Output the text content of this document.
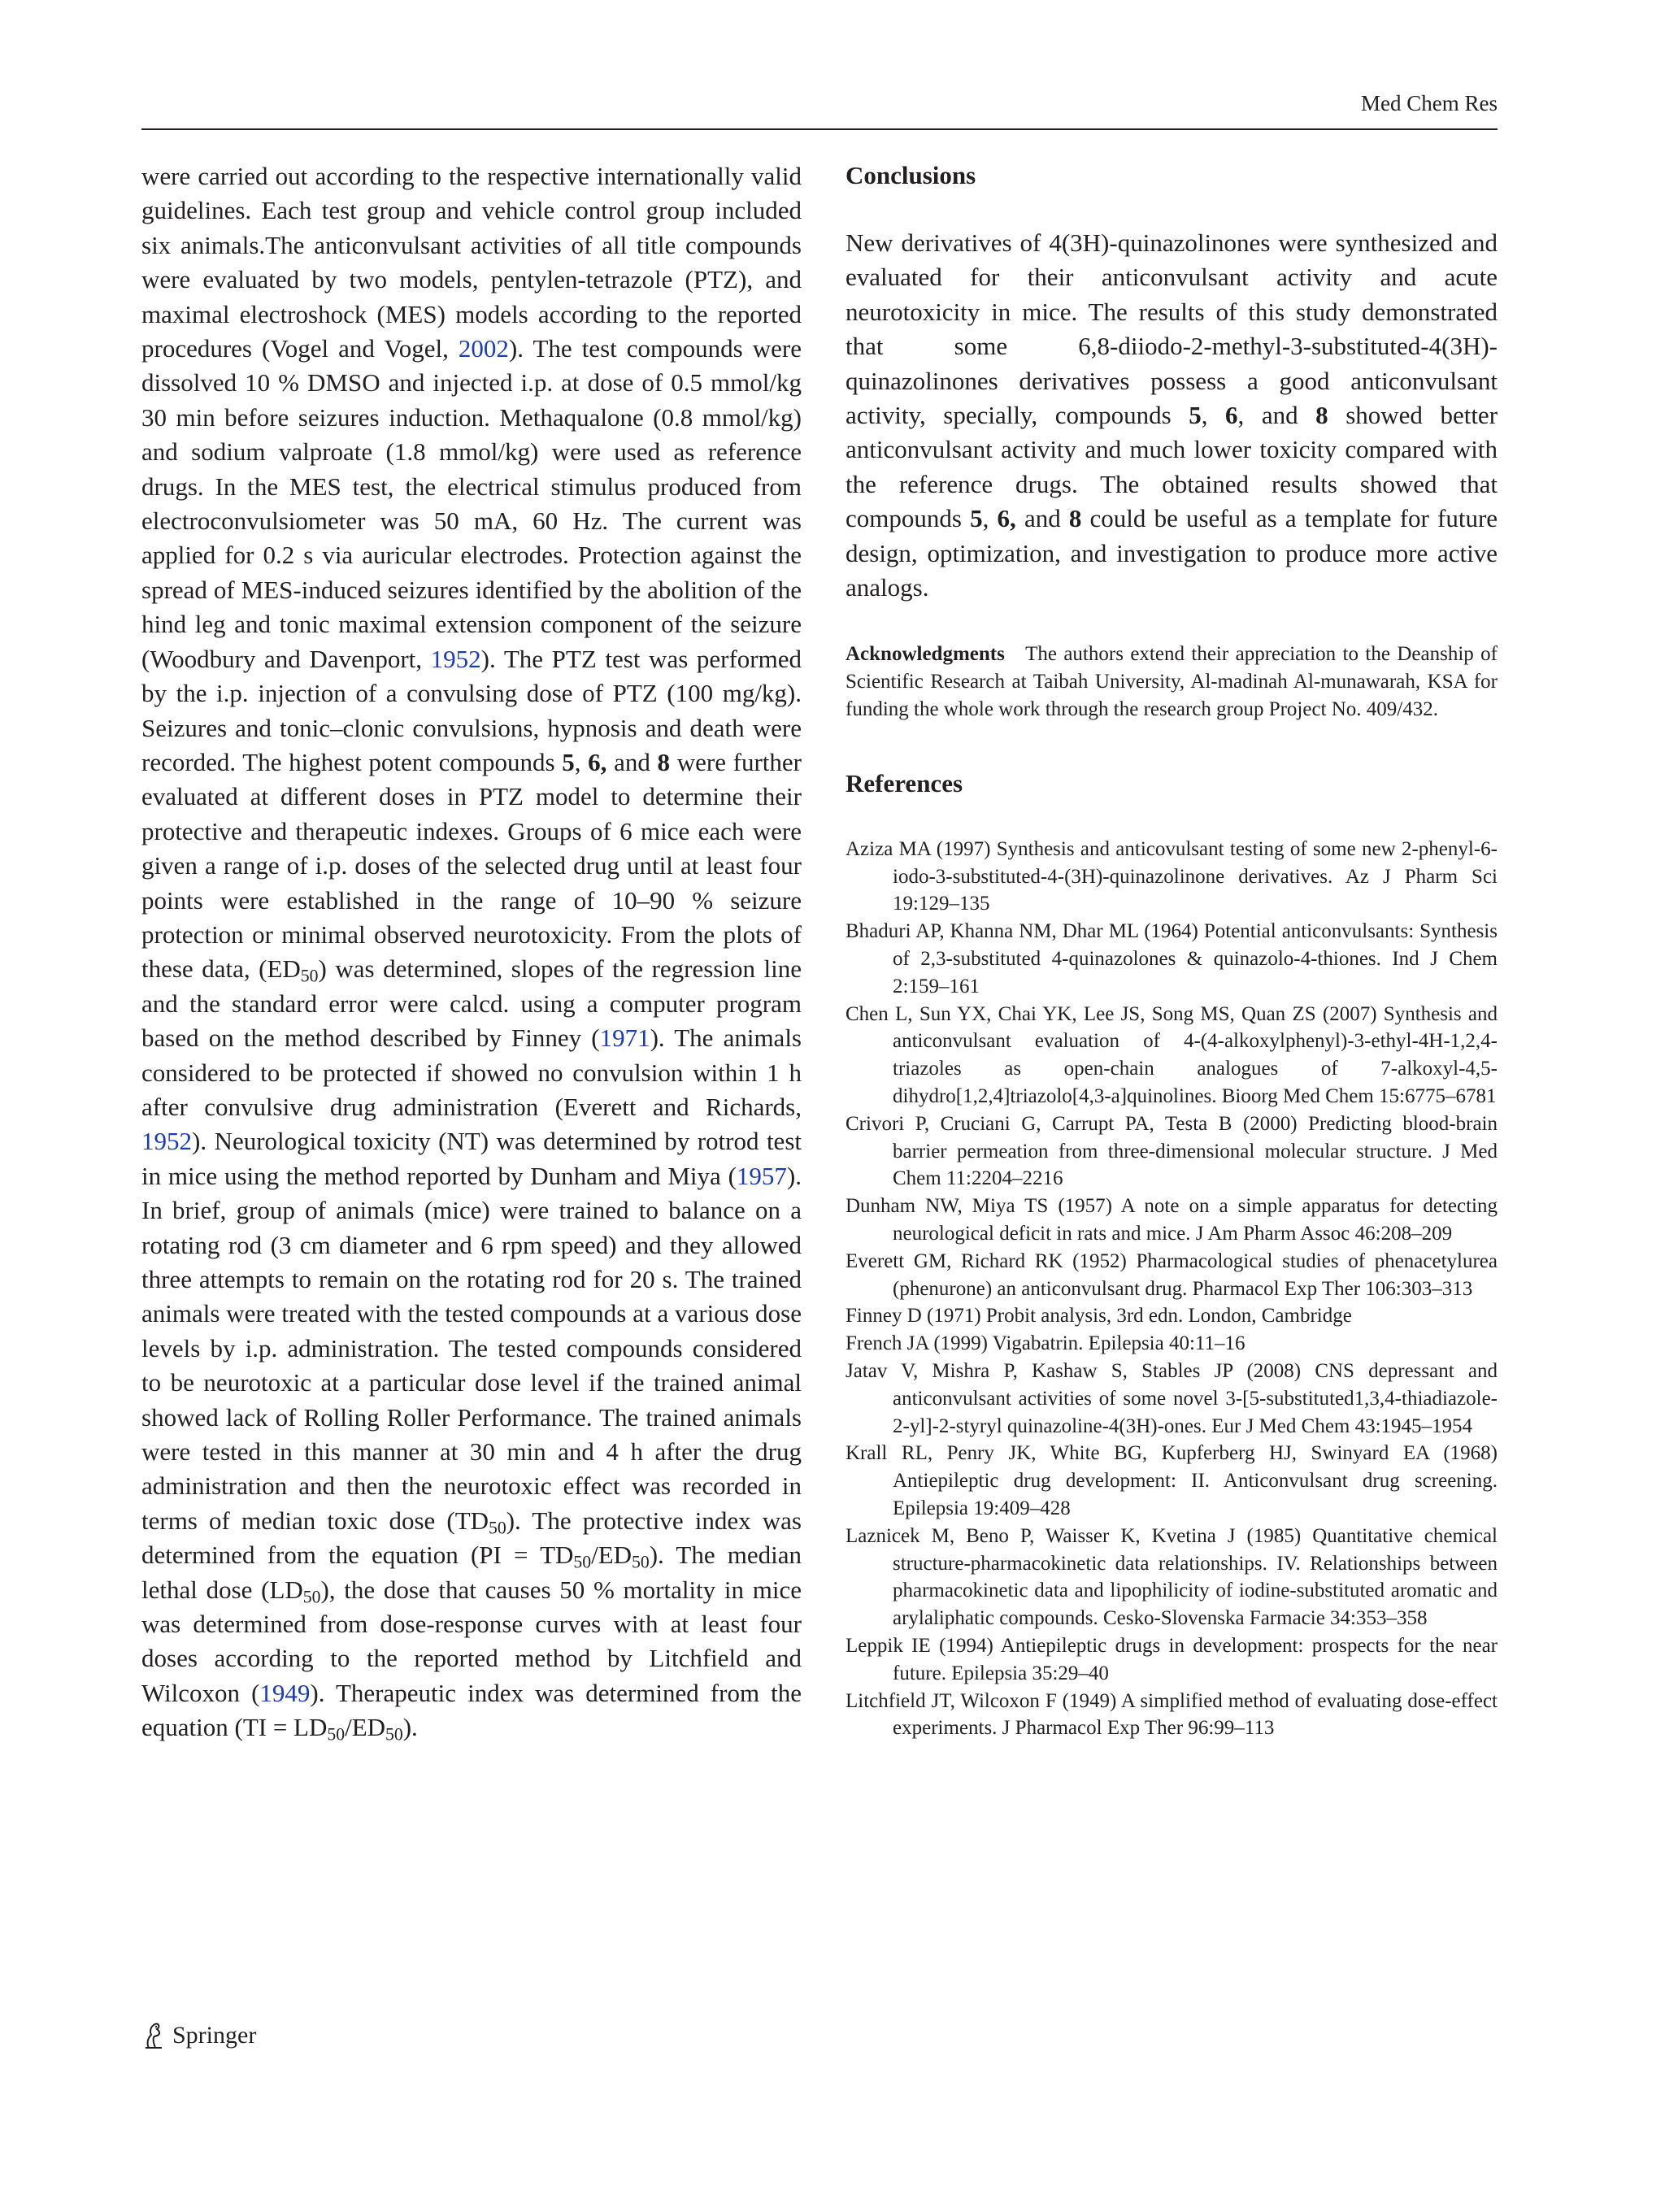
Med Chem Res

were carried out according to the respective internationally valid guidelines. Each test group and vehicle control group included six animals.The anticonvulsant activities of all title compounds were evaluated by two models, pentylen-tetrazole (PTZ), and maximal electroshock (MES) models according to the reported procedures (Vogel and Vogel, 2002). The test compounds were dissolved 10 % DMSO and injected i.p. at dose of 0.5 mmol/kg 30 min before seizures induction. Methaqualone (0.8 mmol/kg) and sodium valproate (1.8 mmol/kg) were used as reference drugs. In the MES test, the electrical stimulus produced from electroconvulsiometer was 50 mA, 60 Hz. The current was applied for 0.2 s via auricular electrodes. Protection against the spread of MES-induced seizures identified by the abolition of the hind leg and tonic maximal extension component of the seizure (Woodbury and Davenport, 1952). The PTZ test was performed by the i.p. injection of a convulsing dose of PTZ (100 mg/kg). Seizures and tonic–clonic convulsions, hypnosis and death were recorded. The highest potent compounds 5, 6, and 8 were further evaluated at different doses in PTZ model to determine their protective and therapeutic indexes. Groups of 6 mice each were given a range of i.p. doses of the selected drug until at least four points were established in the range of 10–90 % seizure protection or minimal observed neurotoxicity. From the plots of these data, $(ED_{50})$ was determined, slopes of the regression line and the standard error were calcd. using a computer program based on the method described by Finney (1971). The animals considered to be protected if showed no convulsion within 1 h after convulsive drug administration (Everett and Richards, 1952). Neurological toxicity (NT) was determined by rotrod test in mice using the method reported by Dunham and Miya (1957). In brief, group of animals (mice) were trained to balance on a rotating rod (3 cm diameter and 6 rpm speed) and they allowed three attempts to remain on the rotating rod for 20 s. The trained animals were treated with the tested compounds at a various dose levels by i.p. administration. The tested compounds considered to be neurotoxic at a particular dose level if the trained animal showed lack of Rolling Roller Performance. The trained animals were tested in this manner at 30 min and 4 h after the drug administration and then the neurotoxic effect was recorded in terms of median toxic dose $(TD_{50})$. The protective index was determined from the equation $(PI = TD_{50}/ED_{50})$. The median lethal dose $(LD_{50})$, the dose that causes 50 % mortality in mice was determined from dose-response curves with at least four doses according to the reported method by Litchfield and Wilcoxon (1949). Therapeutic index was determined from the equation $(TI = LD_{50}/ED_{50})$.

Conclusions

New derivatives of 4(3H)-quinazolinones were synthesized and evaluated for their anticonvulsant activity and acute neurotoxicity in mice. The results of this study demonstrated that some 6,8-diiodo-2-methyl-3-substituted-4(3H)-quinazolinones derivatives possess a good anticonvulsant activity, specially, compounds 5, 6, and 8 showed better anticonvulsant activity and much lower toxicity compared with the reference drugs. The obtained results showed that compounds 5, 6, and 8 could be useful as a template for future design, optimization, and investigation to produce more active analogs.

Acknowledgments The authors extend their appreciation to the Deanship of Scientific Research at Taibah University, Al-madinah Al-munawarah, KSA for funding the whole work through the research group Project No. 409/432.

References
Aziza MA (1997) Synthesis and anticovulsant testing of some new 2-phenyl-6-iodo-3-substituted-4-(3H)-quinazolinone derivatives. Az J Pharm Sci 19:129–135
Bhaduri AP, Khanna NM, Dhar ML (1964) Potential anticonvulsants: Synthesis of 2,3-substituted 4-quinazolones & quinazolo-4-thiones. Ind J Chem 2:159–161
Chen L, Sun YX, Chai YK, Lee JS, Song MS, Quan ZS (2007) Synthesis and anticonvulsant evaluation of 4-(4-alkoxylphenyl)-3-ethyl-4H-1,2,4-triazoles as open-chain analogues of 7-alkoxyl-4,5-dihydro[1,2,4]triazolo[4,3-a]quinolines. Bioorg Med Chem 15:6775–6781
Crivori P, Cruciani G, Carrupt PA, Testa B (2000) Predicting blood-brain barrier permeation from three-dimensional molecular structure. J Med Chem 11:2204–2216
Dunham NW, Miya TS (1957) A note on a simple apparatus for detecting neurological deficit in rats and mice. J Am Pharm Assoc 46:208–209
Everett GM, Richard RK (1952) Pharmacological studies of phenacetylurea (phenurone) an anticonvulsant drug. Pharmacol Exp Ther 106:303–313
Finney D (1971) Probit analysis, 3rd edn. London, Cambridge
French JA (1999) Vigabatrin. Epilepsia 40:11–16
Jatav V, Mishra P, Kashaw S, Stables JP (2008) CNS depressant and anticonvulsant activities of some novel 3-[5-substituted1,3,4-thiadiazole-2-yl]-2-styryl quinazoline-4(3H)-ones. Eur J Med Chem 43:1945–1954
Krall RL, Penry JK, White BG, Kupferberg HJ, Swinyard EA (1968) Antiepileptic drug development: II. Anticonvulsant drug screening. Epilepsia 19:409–428
Laznicek M, Beno P, Waisser K, Kvetina J (1985) Quantitative chemical structure-pharmacokinetic data relationships. IV. Relationships between pharmacokinetic data and lipophilicity of iodine-substituted aromatic and arylaliphatic compounds. Cesko-Slovenska Farmacie 34:353–358
Leppik IE (1994) Antiepileptic drugs in development: prospects for the near future. Epilepsia 35:29–40
Litchfield JT, Wilcoxon F (1949) A simplified method of evaluating dose-effect experiments. J Pharmacol Exp Ther 96:99–113
Springer
